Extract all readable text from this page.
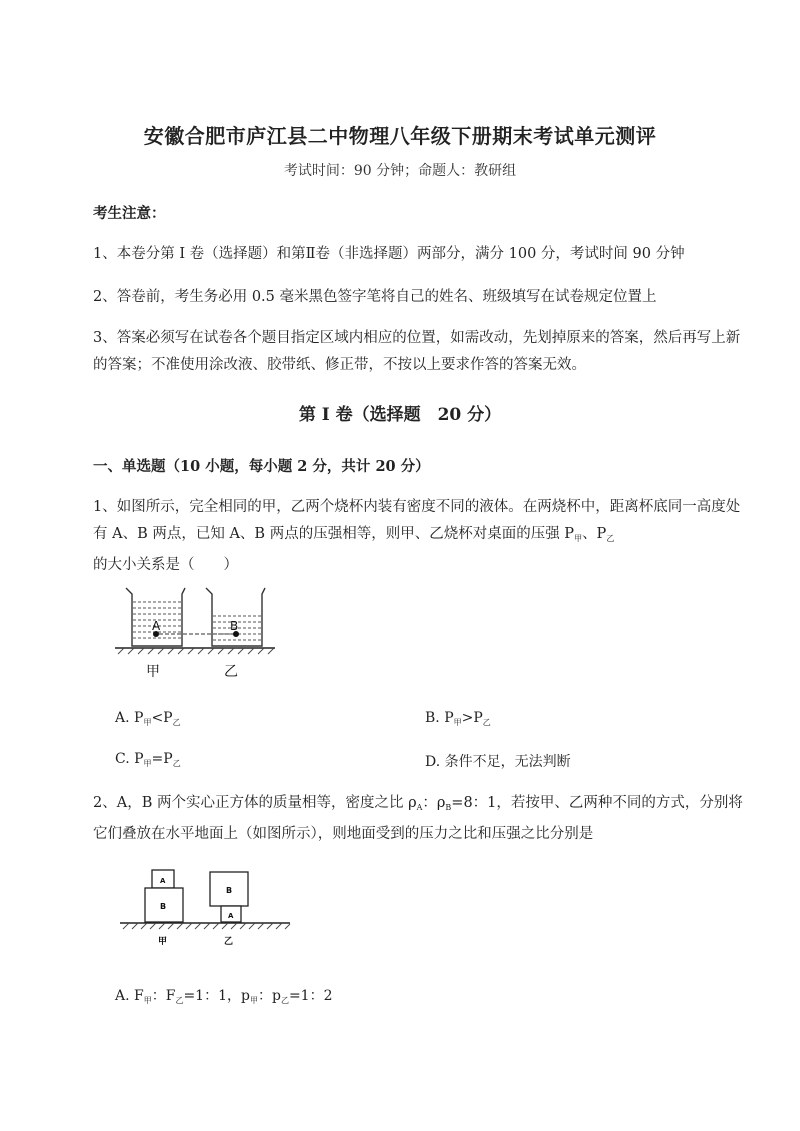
安徽合肥市庐江县二中物理八年级下册期末考试单元测评
考试时间：90 分钟；命题人：教研组
考生注意：
1、本卷分第 I 卷（选择题）和第Ⅱ卷（非选择题）两部分，满分 100 分，考试时间 90 分钟
2、答卷前，考生务必用 0.5 毫米黑色签字笔将自己的姓名、班级填写在试卷规定位置上
3、答案必须写在试卷各个题目指定区域内相应的位置，如需改动，先划掉原来的答案，然后再写上新的答案；不准使用涂改液、胶带纸、修正带，不按以上要求作答的答案无效。
第 I 卷（选择题　20 分）
一、单选题（10 小题，每小题 2 分，共计 20 分）
1、如图所示，完全相同的甲，乙两个烧杯内装有密度不同的液体。在两烧杯中，距离杯底同一高度处有 A、B 两点，已知 A、B 两点的压强相等，则甲、乙烧杯对桌面的压强 $P_甲$、$P_乙$的大小关系是（　　）
A	B
甲	乙
A. $P_甲<P_乙$	B. $P_甲>P_乙$
C. $P_甲=P_乙$	D. 条件不足，无法判断
2、A，B 两个实心正方体的质量相等，密度之比 $\rho_A$：$\rho_B=8$：1，若按甲、乙两种不同的方式，分别将它们叠放在水平地面上（如图所示），则地面受到的压力之比和压强之比分别是
A
B
B
A
甲	乙
A. $F_甲$：$F_乙=1$：1，$p_甲$：$p_乙=1$：2
